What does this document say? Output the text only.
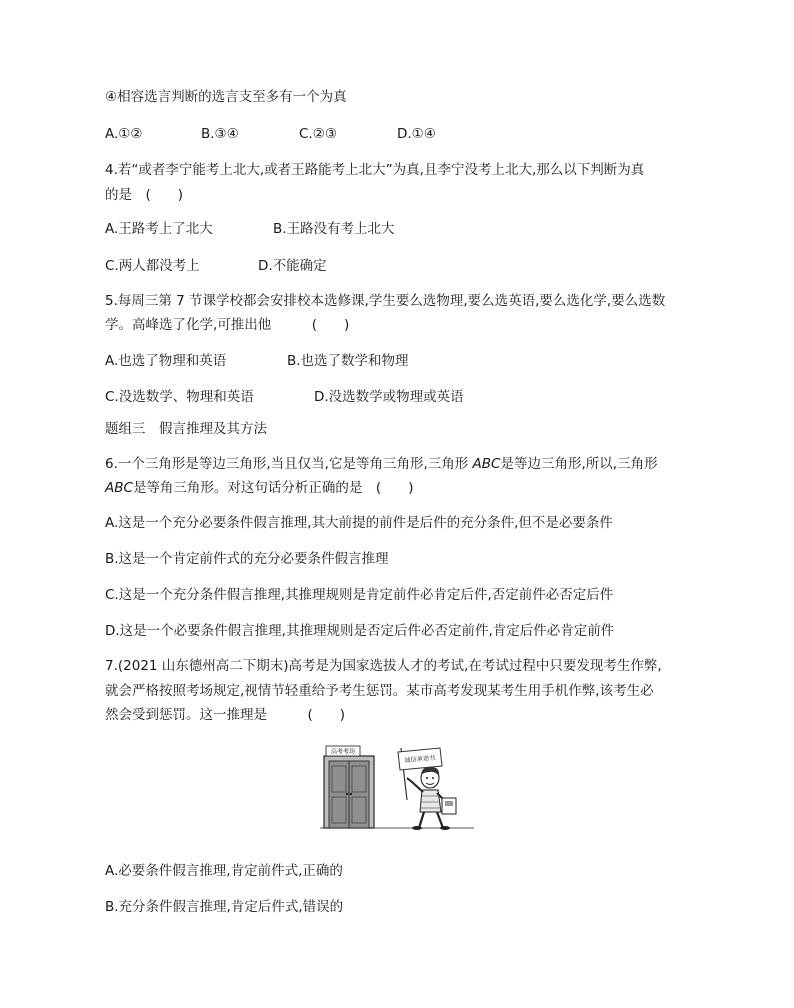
④相容选言判断的选言支至多有一个为真
A.①②	B.③④	C.②③	D.①④
4.若“或者李宁能考上北大,或者王路能考上北大”为真,且李宁没考上北大,那么以下判断为真
的是　(　　)
A.王路考上了北大	B.王路没有考上北大
C.两人都没考上	D.不能确定
5.每周三第 7 节课学校都会安排校本选修课,学生要么选物理,要么选英语,要么选化学,要么选数
学。高峰选了化学,可推出他　　　(　　)
A.也选了物理和英语	B.也选了数学和物理
C.没选数学、物理和英语	D.没选数学或物理或英语
题组三　假言推理及其方法
6.一个三角形是等边三角形,当且仅当,它是等角三角形,三角形 ABC是等边三角形,所以,三角形
ABC是等角三角形。对这句话分析正确的是　(　　)
A.这是一个充分必要条件假言推理,其大前提的前件是后件的充分条件,但不是必要条件
B.这是一个肯定前件式的充分必要条件假言推理
C.这是一个充分条件假言推理,其推理规则是肯定前件必肯定后件,否定前件必否定后件
D.这是一个必要条件假言推理,其推理规则是否定后件必否定前件,肯定后件必肯定前件
7.(2021 山东德州高二下期末)高考是为国家选拔人才的考试,在考试过程中只要发现考生作弊,
就会严格按照考场规定,视情节轻重给予考生惩罚。某市高考发现某考生用手机作弊,该考生必
然会受到惩罚。这一推理是　　　(　　)
高考考场
诚信承诺书
A.必要条件假言推理,肯定前件式,正确的
B.充分条件假言推理,肯定后件式,错误的
